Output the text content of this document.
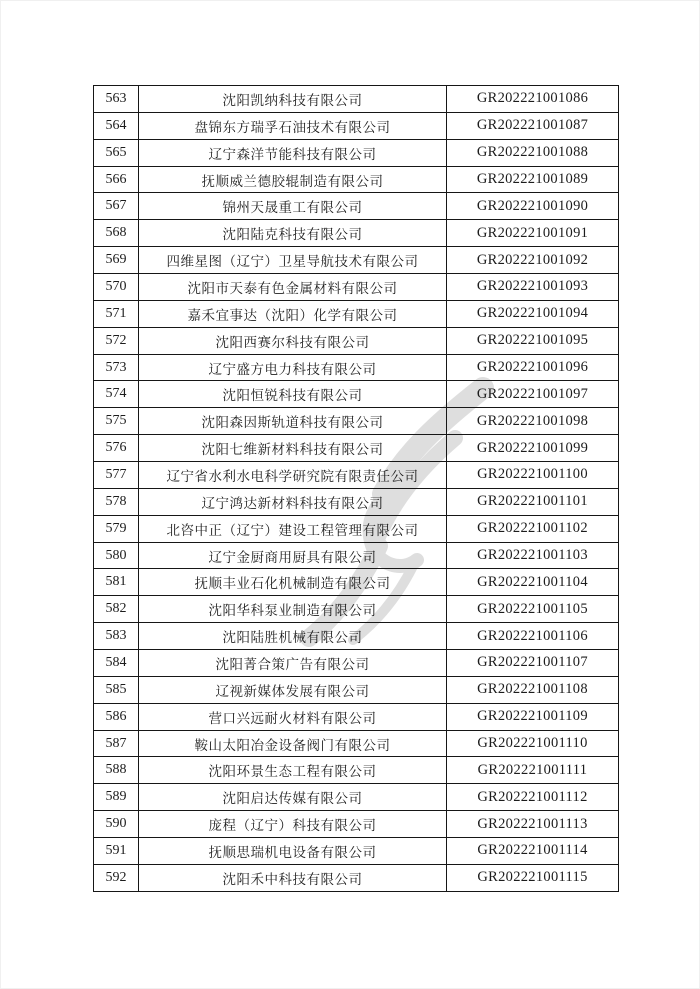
563	沈阳凯纳科技有限公司	GR202221001086
564	盘锦东方瑞孚石油技术有限公司	GR202221001087
565	辽宁森洋节能科技有限公司	GR202221001088
566	抚顺威兰德胶辊制造有限公司	GR202221001089
567	锦州天晟重工有限公司	GR202221001090
568	沈阳陆克科技有限公司	GR202221001091
569	四维星图（辽宁）卫星导航技术有限公司	GR202221001092
570	沈阳市天泰有色金属材料有限公司	GR202221001093
571	嘉禾宜事达（沈阳）化学有限公司	GR202221001094
572	沈阳西赛尔科技有限公司	GR202221001095
573	辽宁盛方电力科技有限公司	GR202221001096
574	沈阳恒锐科技有限公司	GR202221001097
575	沈阳森因斯轨道科技有限公司	GR202221001098
576	沈阳七维新材料科技有限公司	GR202221001099
577	辽宁省水利水电科学研究院有限责任公司	GR202221001100
578	辽宁鸿达新材料科技有限公司	GR202221001101
579	北咨中正（辽宁）建设工程管理有限公司	GR202221001102
580	辽宁金厨商用厨具有限公司	GR202221001103
581	抚顺丰业石化机械制造有限公司	GR202221001104
582	沈阳华科泵业制造有限公司	GR202221001105
583	沈阳陆胜机械有限公司	GR202221001106
584	沈阳菁合策广告有限公司	GR202221001107
585	辽视新媒体发展有限公司	GR202221001108
586	营口兴远耐火材料有限公司	GR202221001109
587	鞍山太阳冶金设备阀门有限公司	GR202221001110
588	沈阳环景生态工程有限公司	GR202221001111
589	沈阳启达传媒有限公司	GR202221001112
590	庞程（辽宁）科技有限公司	GR202221001113
591	抚顺思瑞机电设备有限公司	GR202221001114
592	沈阳禾中科技有限公司	GR202221001115
